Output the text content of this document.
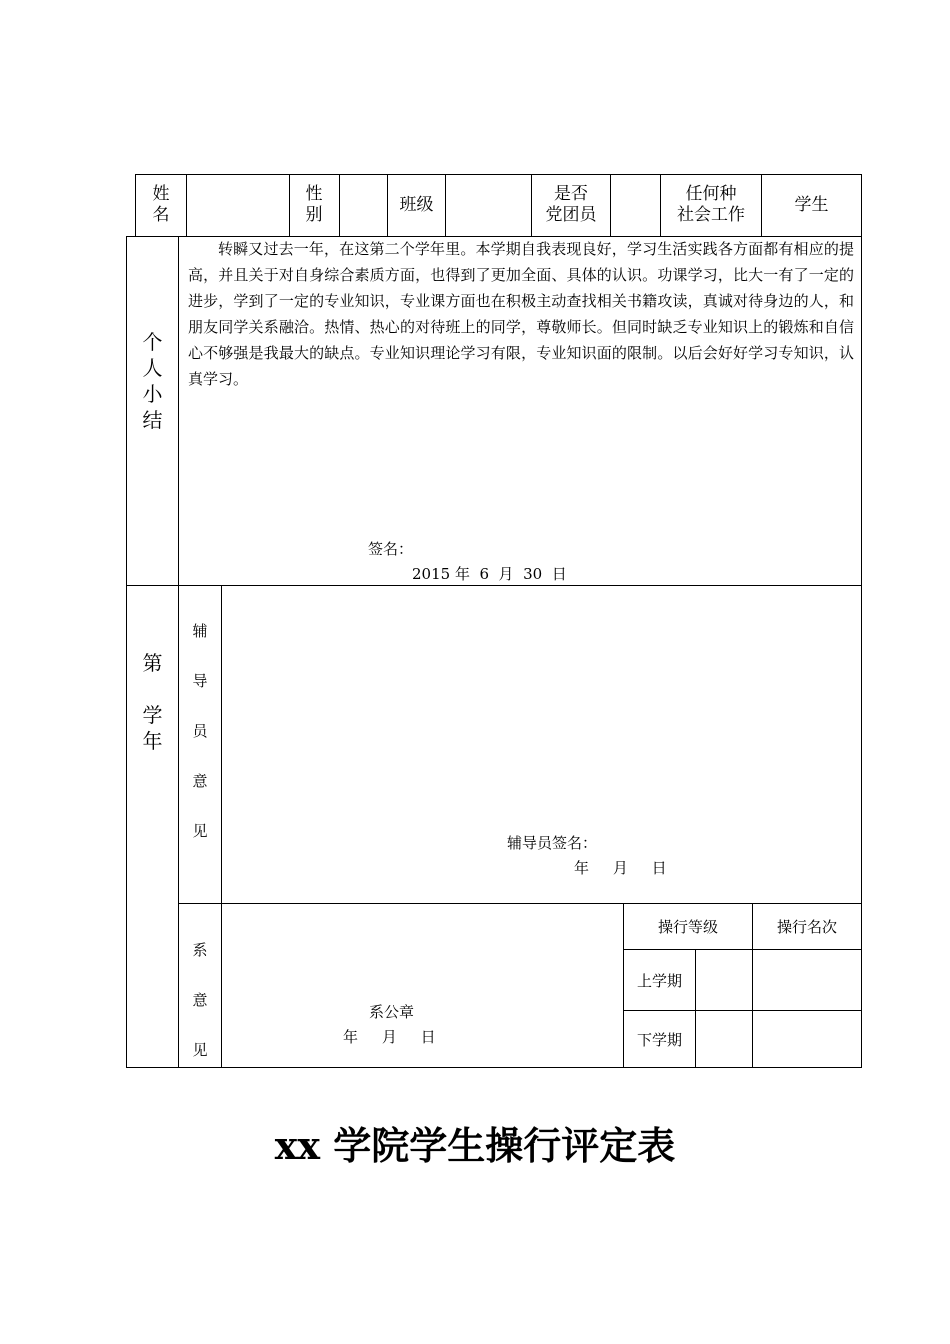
姓名
性别
班级
是否
党团员
任何种
社会工作
学生
个人小结

转瞬又过去一年，在这第二个学年里。本学期自我表现良好，学习生活实践各方面都有相应的提高，并且关于对自身综合素质方面，也得到了更加全面、具体的认识。功课学习，比大一有了一定的进步，学到了一定的专业知识，专业课方面也在积极主动查找相关书籍攻读，真诚对待身边的人，和朋友同学关系融洽。热情、热心的对待班上的同学，尊敬师长。但同时缺乏专业知识上的锻炼和自信心不够强是我最大的缺点。专业知识理论学习有限，专业知识面的限制。以后会好好学习专知识，认真学习。

签名：
2015 年  6  月  30  日
第
学
年
辅
导
员
意
见
辅导员签名：
年     月     日
系
意
见
系公章
年     月     日
操行等级	操行名次
上学期
下学期
xx 学院学生操行评定表
